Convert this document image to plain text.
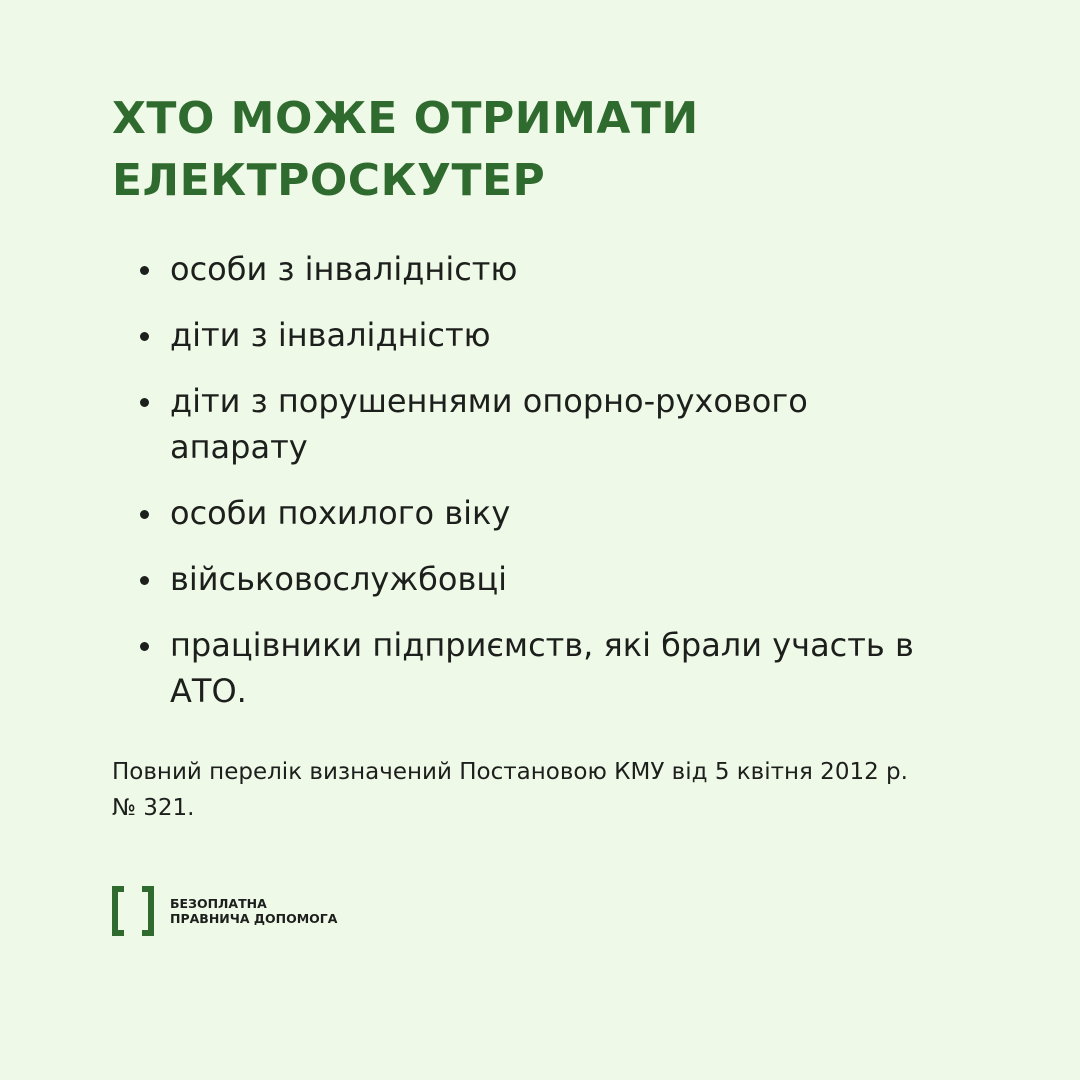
ХТО МОЖЕ ОТРИМАТИ
ЕЛЕКТРОСКУТЕР
особи з інвалідністю
діти з інвалідністю
діти з порушеннями опорно-рухового апарату
особи похилого віку
військовослужбовці
працівники підприємств, які брали участь в АТО.

Повний перелік визначений Постановою КМУ від 5 квітня 2012 р. № 321.

БЕЗОПЛАТНА
ПРАВНИЧА ДОПОМОГА
